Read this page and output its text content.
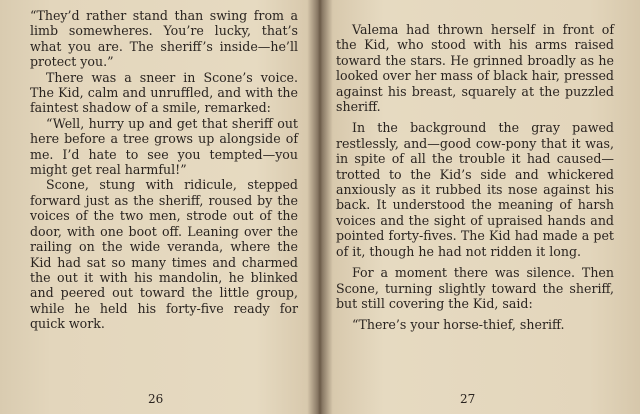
“They’d rather stand than swing from a limb somewheres. You’re lucky, that’s what you are. The sheriff’s inside—he’ll protect you.”

There was a sneer in Scone’s voice. The Kid, calm and unruffled, and with the faintest shadow of a smile, remarked:

“Well, hurry up and get that sheriff out here before a tree grows up alongside of me. I’d hate to see you tempted—you might get real harmful!”

Scone, stung with ridicule, stepped forward just as the sheriff, roused by the voices of the two men, strode out of the door, with one boot off. Leaning over the railing on the wide veranda, where the Kid had sat so many times and charmed the out it with his mandolin, he blinked and peered out toward the little group, while he held his forty-five ready for quick work.

26

Valema had thrown herself in front of the Kid, who stood with his arms raised toward the stars. He grinned broadly as he looked over her mass of black hair, pressed against his breast, squarely at the puzzled sheriff.

In the background the gray pawed restlessly, and—good cow-pony that it was, in spite of all the trouble it had caused—trotted to the Kid’s side and whickered anxiously as it rubbed its nose against his back. It understood the meaning of harsh voices and the sight of upraised hands and pointed forty-fives. The Kid had made a pet of it, though he had not ridden it long.

For a moment there was silence. Then Scone, turning slightly toward the sheriff, but still covering the Kid, said:

“There’s your horse-thief, sheriff.

27
